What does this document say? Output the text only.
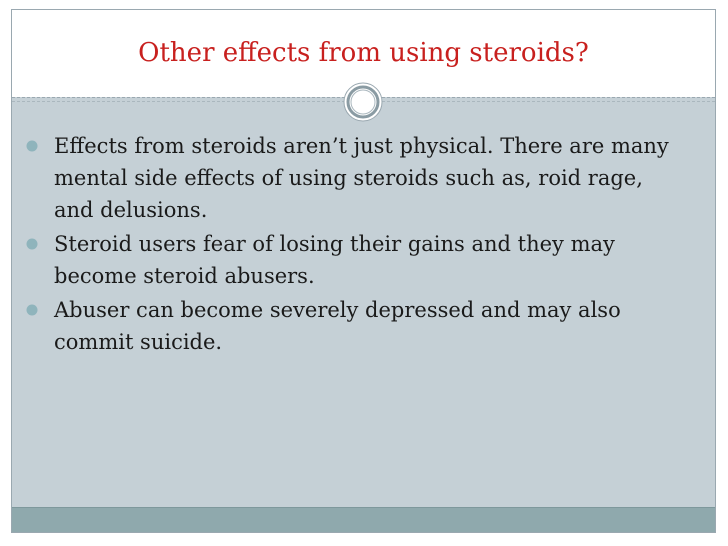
Other effects from using steroids?
Effects from steroids aren’t just physical. There are many mental side effects of using steroids such as, roid rage, and delusions.
Steroid users fear of losing their gains and they may become steroid abusers.
Abuser can become severely depressed and may also commit suicide.
